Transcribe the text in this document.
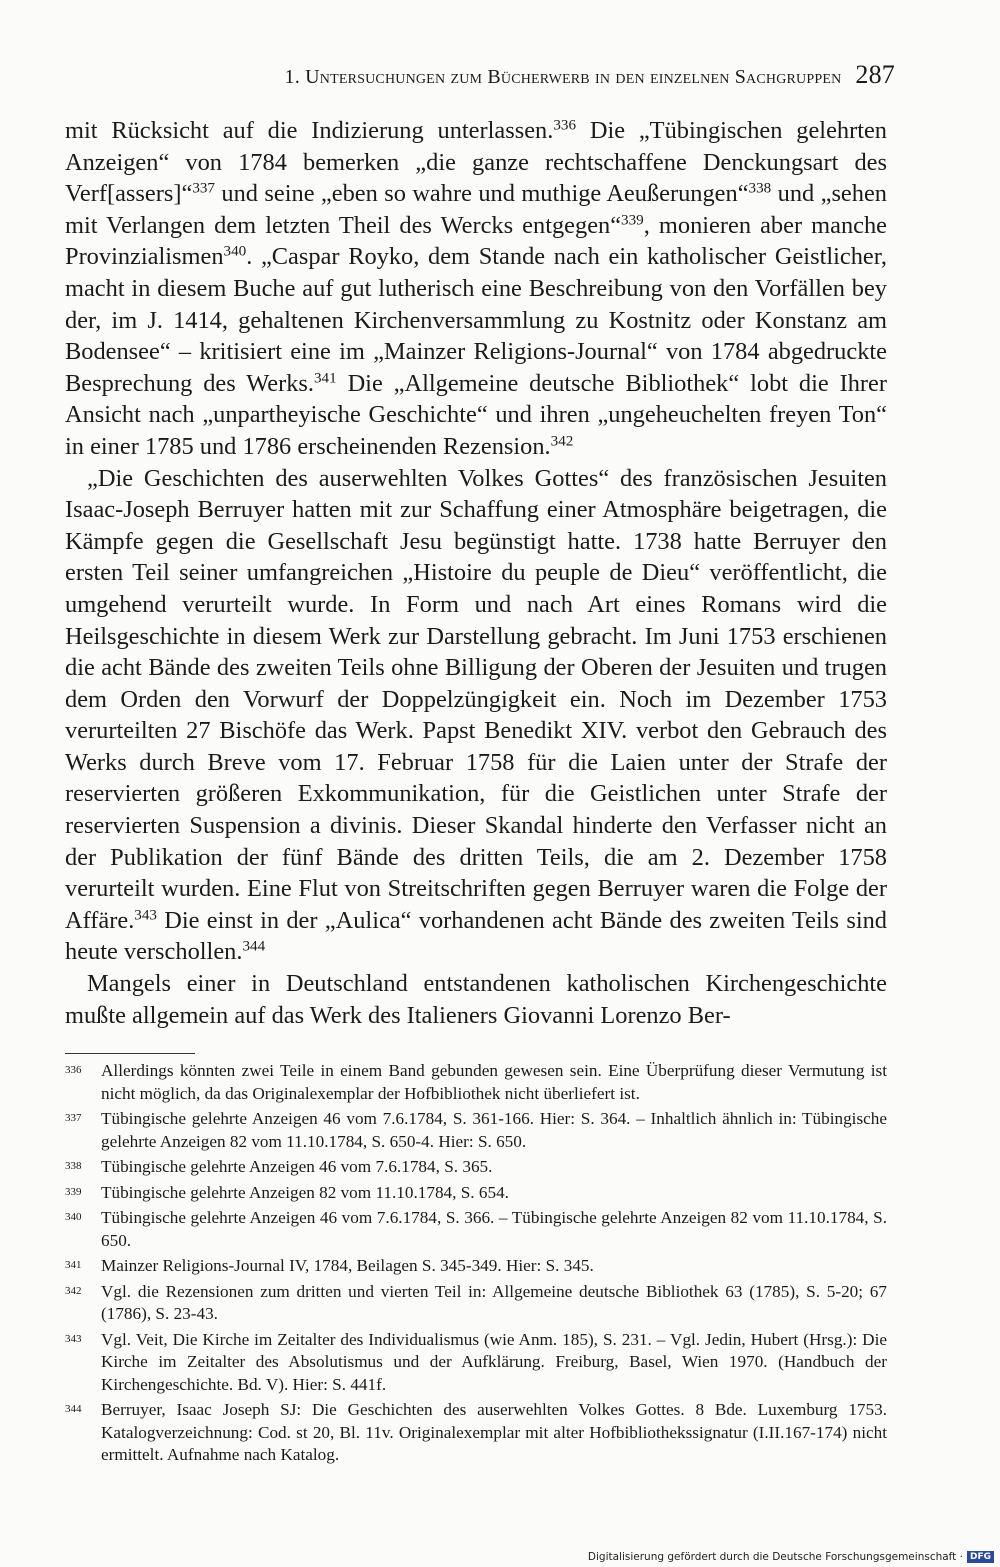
1. Untersuchungen zum Bücherwerb in den einzelnen Sachgruppen 287

mit Rücksicht auf die Indizierung unterlassen.$^{336}$ Die „Tübingischen gelehrten Anzeigen“ von 1784 bemerken „die ganze rechtschaffene Denckungsart des Verf[assers]“$^{337}$ und seine „eben so wahre und muthige Aeußerungen“$^{338}$ und „sehen mit Verlangen dem letzten Theil des Wercks entgegen“$^{339}$, monieren aber manche Provinzialismen$^{340}$. „Caspar Royko, dem Stande nach ein katholischer Geistlicher, macht in diesem Buche auf gut lutherisch eine Beschreibung von den Vorfällen bey der, im J. 1414, gehaltenen Kirchenversammlung zu Kostnitz oder Konstanz am Bodensee“ – kritisiert eine im „Mainzer Religions-Journal“ von 1784 abgedruckte Besprechung des Werks.$^{341}$ Die „Allgemeine deutsche Bibliothek“ lobt die Ihrer Ansicht nach „unpartheyische Geschichte“ und ihren „ungeheuchelten freyen Ton“ in einer 1785 und 1786 erscheinenden Rezension.$^{342}$

„Die Geschichten des auserwehlten Volkes Gottes“ des französischen Jesuiten Isaac-Joseph Berruyer hatten mit zur Schaffung einer Atmosphäre beigetragen, die Kämpfe gegen die Gesellschaft Jesu begünstigt hatte. 1738 hatte Berruyer den ersten Teil seiner umfangreichen „Histoire du peuple de Dieu“ veröffentlicht, die umgehend verurteilt wurde. In Form und nach Art eines Romans wird die Heilsgeschichte in diesem Werk zur Darstellung gebracht. Im Juni 1753 erschienen die acht Bände des zweiten Teils ohne Billigung der Oberen der Jesuiten und trugen dem Orden den Vorwurf der Doppelzüngigkeit ein. Noch im Dezember 1753 verurteilten 27 Bischöfe das Werk. Papst Benedikt XIV. verbot den Gebrauch des Werks durch Breve vom 17. Februar 1758 für die Laien unter der Strafe der reservierten größeren Exkommunikation, für die Geistlichen unter Strafe der reservierten Suspension a divinis. Dieser Skandal hinderte den Verfasser nicht an der Publikation der fünf Bände des dritten Teils, die am 2. Dezember 1758 verurteilt wurden. Eine Flut von Streitschriften gegen Berruyer waren die Folge der Affäre.$^{343}$ Die einst in der „Aulica“ vorhandenen acht Bände des zweiten Teils sind heute verschollen.$^{344}$

Mangels einer in Deutschland entstandenen katholischen Kirchengeschichte mußte allgemein auf das Werk des Italieners Giovanni Lorenzo Ber-

336	Allerdings könnten zwei Teile in einem Band gebunden gewesen sein. Eine Überprüfung dieser Vermutung ist nicht möglich, da das Originalexemplar der Hofbibliothek nicht überliefert ist.
337	Tübingische gelehrte Anzeigen 46 vom 7.6.1784, S. 361-166. Hier: S. 364. – Inhaltlich ähnlich in: Tübingische gelehrte Anzeigen 82 vom 11.10.1784, S. 650-4. Hier: S. 650.
338	Tübingische gelehrte Anzeigen 46 vom 7.6.1784, S. 365.
339	Tübingische gelehrte Anzeigen 82 vom 11.10.1784, S. 654.
340	Tübingische gelehrte Anzeigen 46 vom 7.6.1784, S. 366. – Tübingische gelehrte Anzeigen 82 vom 11.10.1784, S. 650.
341	Mainzer Religions-Journal IV, 1784, Beilagen S. 345-349. Hier: S. 345.
342	Vgl. die Rezensionen zum dritten und vierten Teil in: Allgemeine deutsche Bibliothek 63 (1785), S. 5-20; 67 (1786), S. 23-43.
343	Vgl. Veit, Die Kirche im Zeitalter des Individualismus (wie Anm. 185), S. 231. – Vgl. Jedin, Hubert (Hrsg.): Die Kirche im Zeitalter des Absolutismus und der Aufklärung. Freiburg, Basel, Wien 1970. (Handbuch der Kirchengeschichte. Bd. V). Hier: S. 441f.
344	Berruyer, Isaac Joseph SJ: Die Geschichten des auserwehlten Volkes Gottes. 8 Bde. Luxemburg 1753. Katalogverzeichnung: Cod. st 20, Bl. 11v. Originalexemplar mit alter Hofbibliothekssignatur (I.II.167-174) nicht ermittelt. Aufnahme nach Katalog.
Digitalisierung gefördert durch die Deutsche Forschungsgemeinschaft · DFG
